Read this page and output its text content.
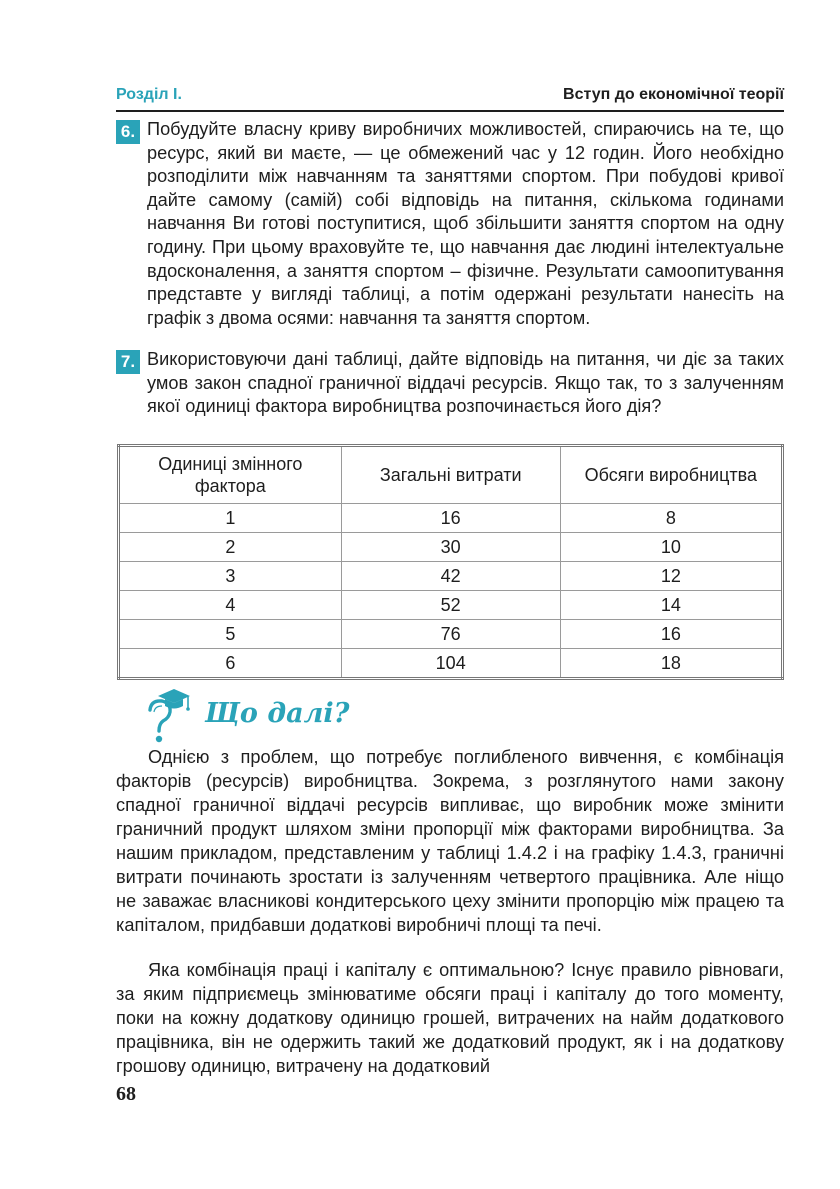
Розділ І.	Вступ до економічної теорії
6. Побудуйте власну криву виробничих можливостей, спираючись на те, що ресурс, який ви маєте, — це обмежений час у 12 годин. Його необхідно розподілити між навчанням та заняттями спортом. При побудові кривої дайте самому (самій) собі відповідь на питання, скількома годинами навчання Ви готові поступитися, щоб збільшити заняття спортом на одну годину. При цьому враховуйте те, що навчання дає людині інтелектуальне вдосконалення, а заняття спортом – фізичне. Результати самоопитування представте у вигляді таблиці, а потім одержані результати нанесіть на графік з двома осями: навчання та заняття спортом.
7. Використовуючи дані таблиці, дайте відповідь на питання, чи діє за таких умов закон спадної граничної віддачі ресурсів. Якщо так, то з залученням якої одиниці фактора виробництва розпочинається його дія?
Одиниці змінного фактора	Загальні витрати	Обсяги виробництва
1	16	8
2	30	10
3	42	12
4	52	14
5	76	16
6	104	18
Що далі?

Однією з проблем, що потребує поглибленого вивчення, є комбінація факторів (ресурсів) виробництва. Зокрема, з розглянутого нами закону спадної граничної віддачі ресурсів випливає, що виробник може змінити граничний продукт шляхом зміни пропорції між факторами виробництва. За нашим прикладом, представленим у таблиці 1.4.2 і на графіку 1.4.3, граничні витрати починають зростати із залученням четвертого працівника. Але ніщо не заважає власникові кондитерського цеху змінити пропорцію між працею та капіталом, придбавши додаткові виробничі площі та печі.

Яка комбінація праці і капіталу є оптимальною? Існує правило рівноваги, за яким підприємець змінюватиме обсяги праці і капіталу до того моменту, поки на кожну додаткову одиницю грошей, витрачених на найм додаткового працівника, він не одержить такий же додатковий продукт, як і на додаткову грошову одиницю, витрачену на додатковий

68
